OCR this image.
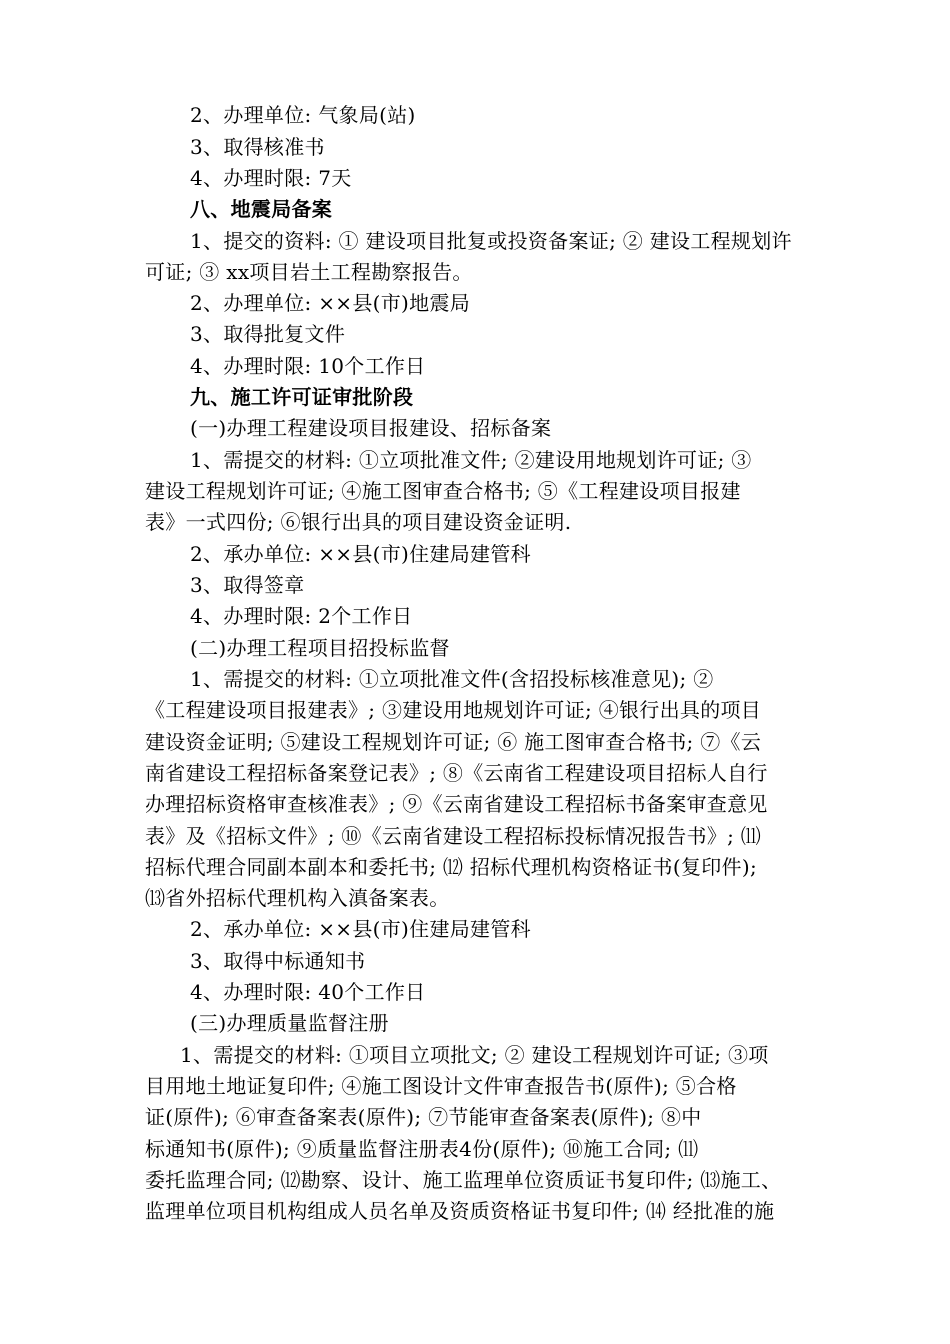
2、办理单位: 气象局(站)
3、取得核准书
4、办理时限: 7天
八、地震局备案
1、提交的资料: ① 建设项目批复或投资备案证; ② 建设工程规划许
可证; ③ xx项目岩土工程勘察报告。
2、办理单位: ××县(市)地震局
3、取得批复文件
4、办理时限: 10个工作日
九、施工许可证审批阶段
(一)办理工程建设项目报建设、招标备案
1、需提交的材料: ①立项批准文件; ②建设用地规划许可证; ③
建设工程规划许可证; ④施工图审查合格书; ⑤《工程建设项目报建
表》一式四份; ⑥银行出具的项目建设资金证明.
2、承办单位: ××县(市)住建局建管科
3、取得签章
4、办理时限: 2个工作日
(二)办理工程项目招投标监督
1、需提交的材料: ①立项批准文件(含招投标核准意见); ②
《工程建设项目报建表》; ③建设用地规划许可证; ④银行出具的项目
建设资金证明; ⑤建设工程规划许可证; ⑥ 施工图审查合格书; ⑦《云
南省建设工程招标备案登记表》; ⑧《云南省工程建设项目招标人自行
办理招标资格审查核准表》; ⑨《云南省建设工程招标书备案审查意见
表》及《招标文件》; ⑩《云南省建设工程招标投标情况报告书》; ⑾
招标代理合同副本副本和委托书; ⑿ 招标代理机构资格证书(复印件);
⒀省外招标代理机构入滇备案表。
2、承办单位: ××县(市)住建局建管科
3、取得中标通知书
4、办理时限: 40个工作日
(三)办理质量监督注册
1、需提交的材料: ①项目立项批文; ② 建设工程规划许可证; ③项
目用地土地证复印件; ④施工图设计文件审查报告书(原件); ⑤合格
证(原件); ⑥审查备案表(原件); ⑦节能审查备案表(原件); ⑧中
标通知书(原件); ⑨质量监督注册表4份(原件); ⑩施工合同; ⑾
委托监理合同; ⑿勘察、设计、施工监理单位资质证书复印件; ⒀施工、
监理单位项目机构组成人员名单及资质资格证书复印件; ⒁ 经批准的施
